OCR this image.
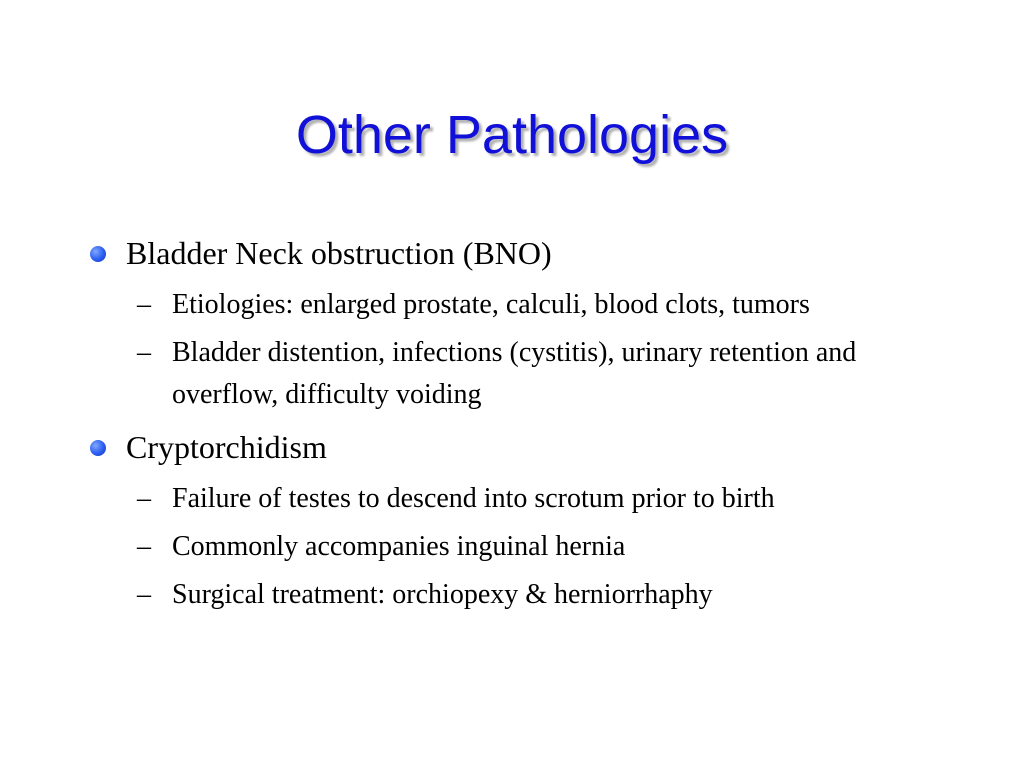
Other Pathologies
Bladder Neck obstruction (BNO)
– Etiologies: enlarged prostate, calculi, blood clots, tumors
– Bladder distention, infections (cystitis), urinary retention and overflow, difficulty voiding
Cryptorchidism
– Failure of testes to descend into scrotum prior to birth
– Commonly accompanies inguinal hernia
– Surgical treatment: orchiopexy & herniorrhaphy
